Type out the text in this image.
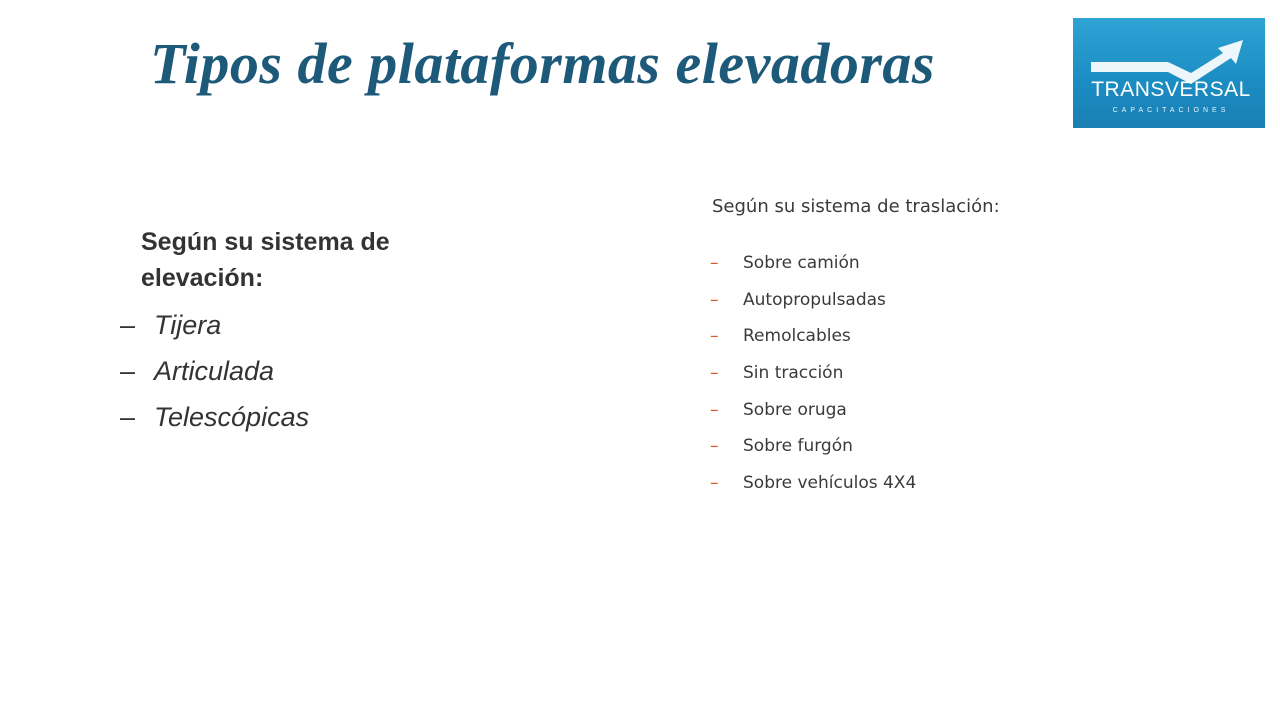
Tipos de plataformas elevadoras	TRANSVERSAL
CAPACITACIONES
Según su sistema de elevación:
– Tijera
– Articulada
– Telescópicas
Según su sistema de traslación:
–	Sobre camión
–	Autopropulsadas
–	Remolcables
–	Sin tracción
–	Sobre oruga
–	Sobre furgón
–	Sobre vehículos 4X4
